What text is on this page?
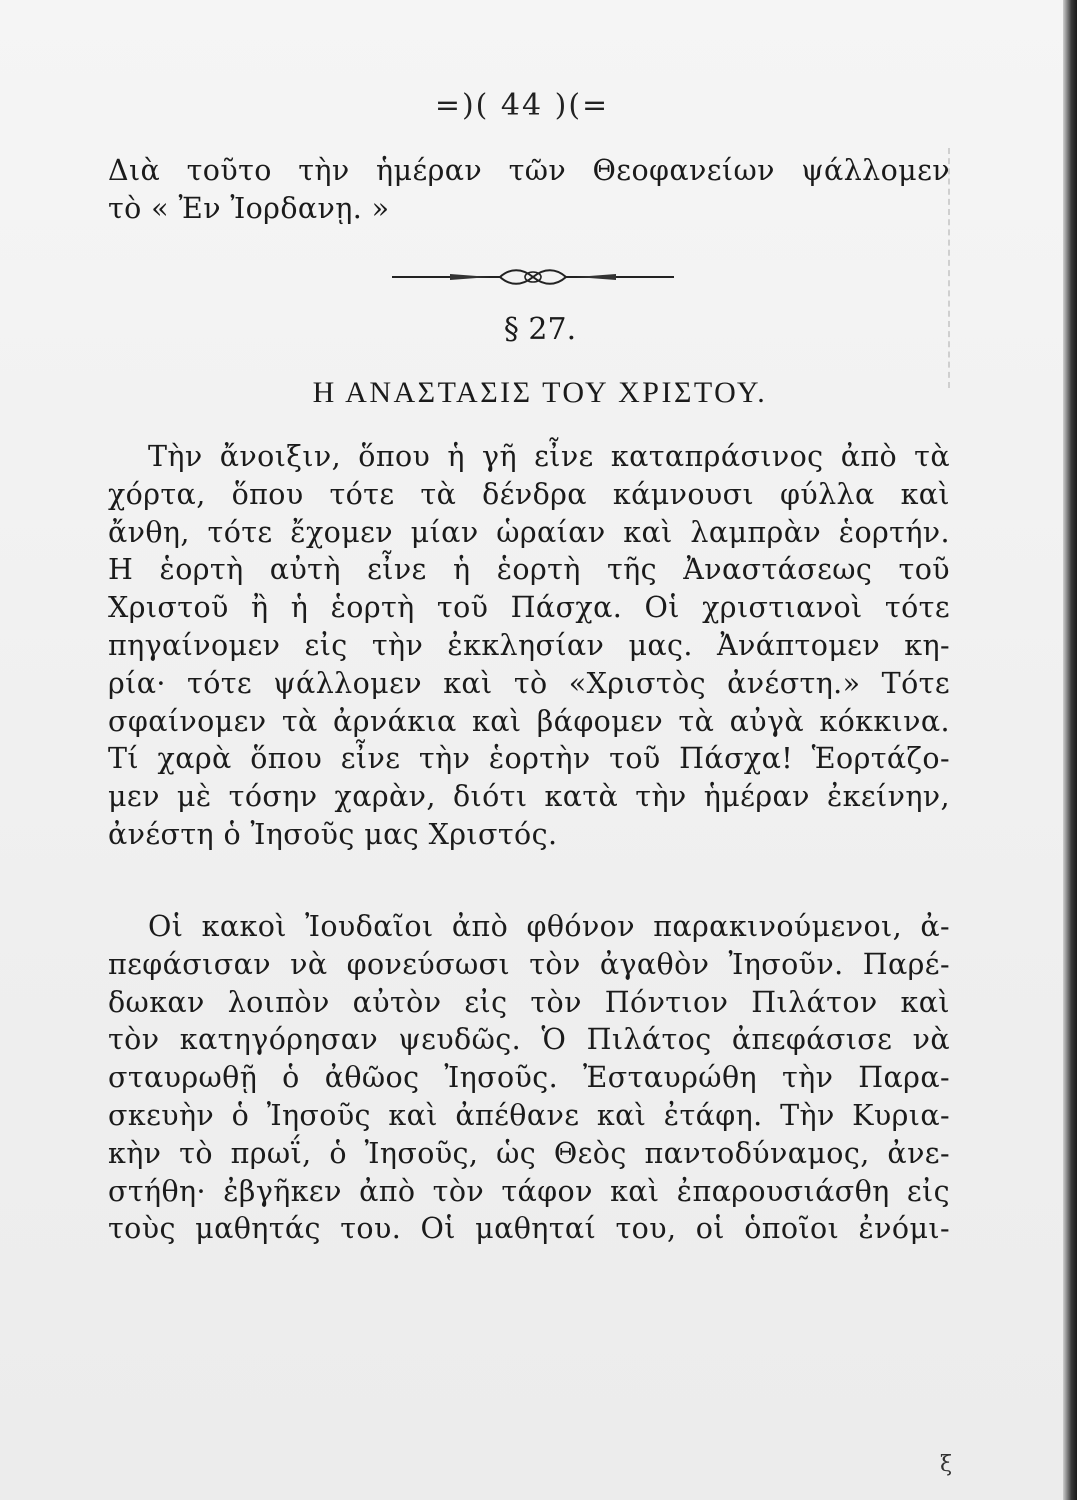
=)( 44 )(=
Διὰ τοῦτο τὴν ἡμέραν τῶν Θεοφανείων ψάλλομεν
τὸ « Ἐν Ἰορδανῃ. »
§ 27.
Η ΑΝΑΣΤΑΣΙΣ ΤΟΥ ΧΡΙΣΤΟΥ.
Τὴν ἄνοιξιν, ὅπου ἡ γῆ εἶνε καταπράσινος ἀπὸ τὰ
χόρτα, ὅπου τότε τὰ δένδρα κάμνουσι φύλλα καὶ
ἄνθη, τότε ἔχομεν μίαν ὡραίαν καὶ λαμπρὰν ἑορτήν.
Η ἑορτὴ αὐτὴ εἶνε ἡ ἑορτὴ τῆς Ἀναστάσεως τοῦ
Χριστοῦ ἢ ἡ ἑορτὴ τοῦ Πάσχα. Οἱ χριστιανοὶ τότε
πηγαίνομεν εἰς τὴν ἐκκλησίαν μας. Ἀνάπτομεν κη-
ρία· τότε ψάλλομεν καὶ τὸ «Χριστὸς ἀνέστη.» Τότε
σφαίνομεν τὰ ἀρνάκια καὶ βάφομεν τὰ αὐγὰ κόκκινα.
Τί χαρὰ ὅπου εἶνε τὴν ἑορτὴν τοῦ Πάσχα! Ἑορτάζο-
μεν μὲ τόσην χαρὰν, διότι κατὰ τὴν ἡμέραν ἐκείνην,
ἀνέστη ὁ Ἰησοῦς μας Χριστός.
Οἱ κακοὶ Ἰουδαῖοι ἀπὸ φθόνον παρακινούμενοι, ἀ-
πεφάσισαν νὰ φονεύσωσι τὸν ἀγαθὸν Ἰησοῦν. Παρέ-
δωκαν λοιπὸν αὐτὸν εἰς τὸν Πόντιον Πιλάτον καὶ
τὸν κατηγόρησαν ψευδῶς. Ὁ Πιλάτος ἀπεφάσισε νὰ
σταυρωθῇ ὁ ἀθῶος Ἰησοῦς. Ἐσταυρώθη τὴν Παρα-
σκευὴν ὁ Ἰησοῦς καὶ ἀπέθανε καὶ ἐτάφη. Τὴν Κυρια-
κὴν τὸ πρωΐ, ὁ Ἰησοῦς, ὡς Θεὸς παντοδύναμος, ἀνε-
στήθη· ἐβγῆκεν ἀπὸ τὸν τάφον καὶ ἐπαρουσιάσθη εἰς
τοὺς μαθητάς του. Οἱ μαθηταί του, οἱ ὁποῖοι ἐνόμι-
ξ
